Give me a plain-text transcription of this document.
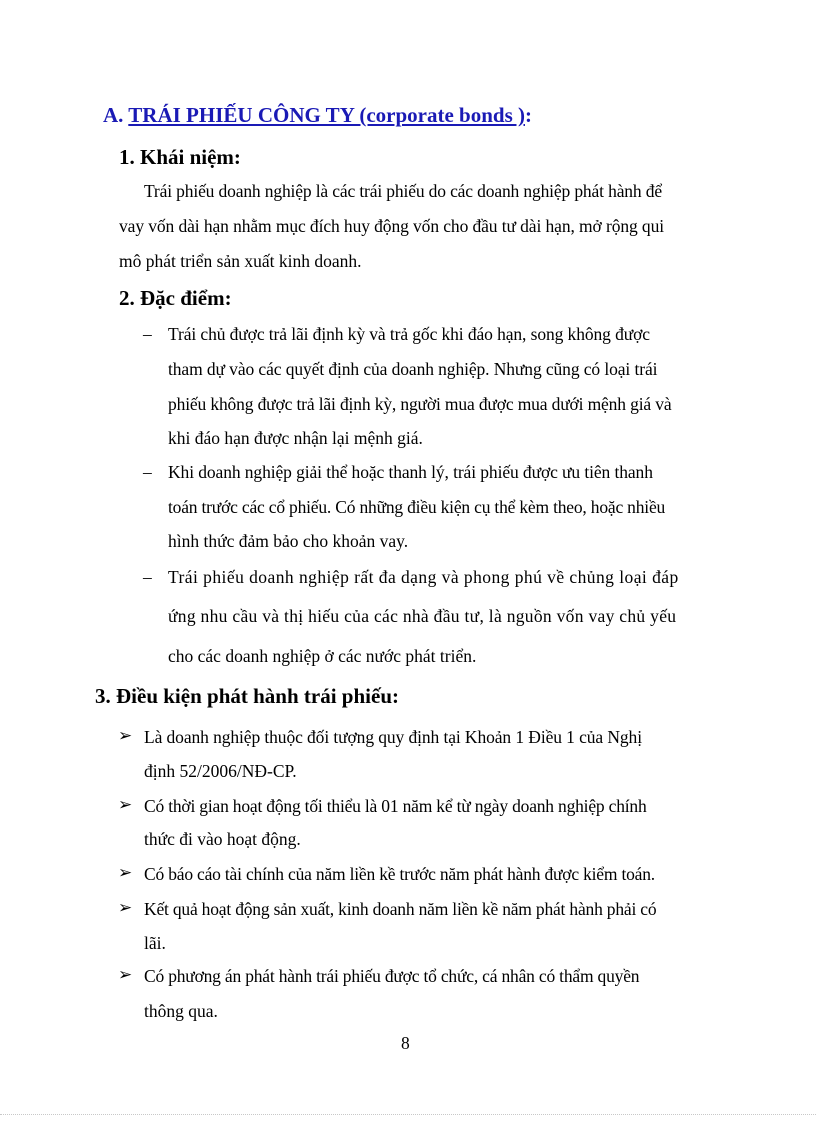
A. TRÁI PHIẾU CÔNG TY (corporate bonds ):
1. Khái niệm:
Trái phiếu doanh nghiệp là các trái phiếu do các doanh nghiệp phát hành để
vay vốn dài hạn nhằm mục đích huy động vốn cho đầu tư dài hạn, mở rộng qui
mô phát triển sản xuất kinh doanh.
2. Đặc điểm:
– Trái chủ được trả lãi định kỳ và trả gốc khi đáo hạn, song không được
tham dự vào các quyết định của doanh nghiệp. Nhưng cũng có loại trái
phiếu không được trả lãi định kỳ, người mua được mua dưới mệnh giá và
khi đáo hạn được nhận lại mệnh giá.
– Khi doanh nghiệp giải thể hoặc thanh lý, trái phiếu được ưu tiên thanh
toán trước các cổ phiếu. Có những điều kiện cụ thể kèm theo, hoặc nhiều
hình thức đảm bảo cho khoản vay.
– Trái phiếu doanh nghiệp rất đa dạng và phong phú về chủng loại đáp
ứng nhu cầu và thị hiếu của các nhà đầu tư, là nguồn vốn vay chủ yếu
cho các doanh nghiệp ở các nước phát triển.
3. Điều kiện phát hành trái phiếu:
➢ Là doanh nghiệp thuộc đối tượng quy định tại Khoản 1 Điều 1 của Nghị
định 52/2006/NĐ-CP.
➢ Có thời gian hoạt động tối thiểu là 01 năm kể từ ngày doanh nghiệp chính
thức đi vào hoạt động.
➢ Có báo cáo tài chính của năm liền kề trước năm phát hành được kiểm toán.
➢ Kết quả hoạt động sản xuất, kinh doanh năm liền kề năm phát hành phải có
lãi.
➢ Có phương án phát hành trái phiếu được tổ chức, cá nhân có thẩm quyền
thông qua.
8
